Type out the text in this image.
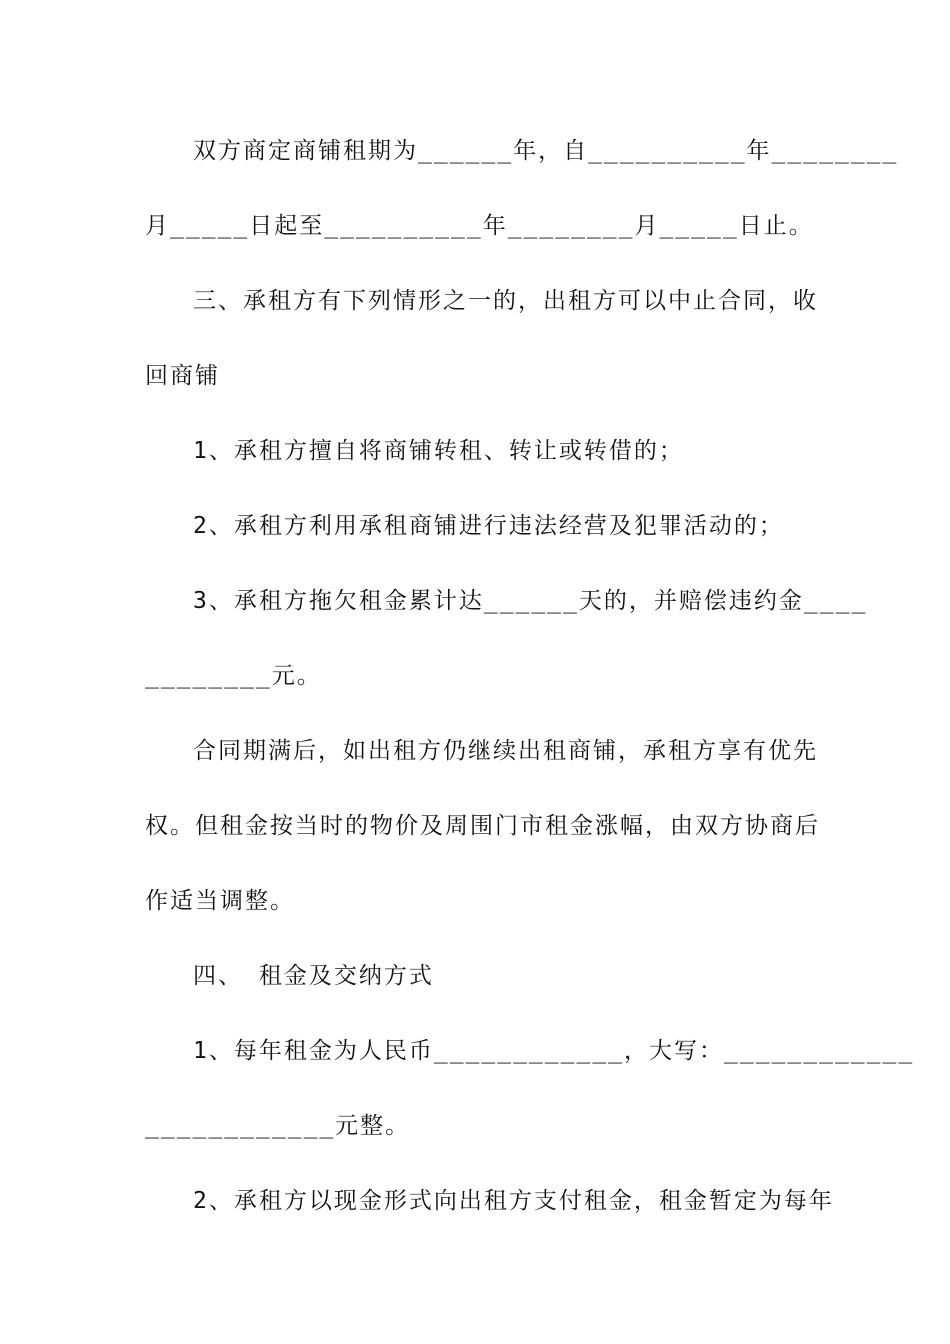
双方商定商铺租期为______年，自__________年________
月_____日起至__________年________月_____日止。
三、承租方有下列情形之一的，出租方可以中止合同，收
回商铺
1、承租方擅自将商铺转租、转让或转借的；
2、承租方利用承租商铺进行违法经营及犯罪活动的；
3、承租方拖欠租金累计达______天的，并赔偿违约金____
________元。
合同期满后，如出租方仍继续出租商铺，承租方享有优先
权。但租金按当时的物价及周围门市租金涨幅，由双方协商后
作适当调整。
四、 租金及交纳方式
1、每年租金为人民币____________，大写：____________
____________元整。
2、承租方以现金形式向出租方支付租金，租金暂定为每年
